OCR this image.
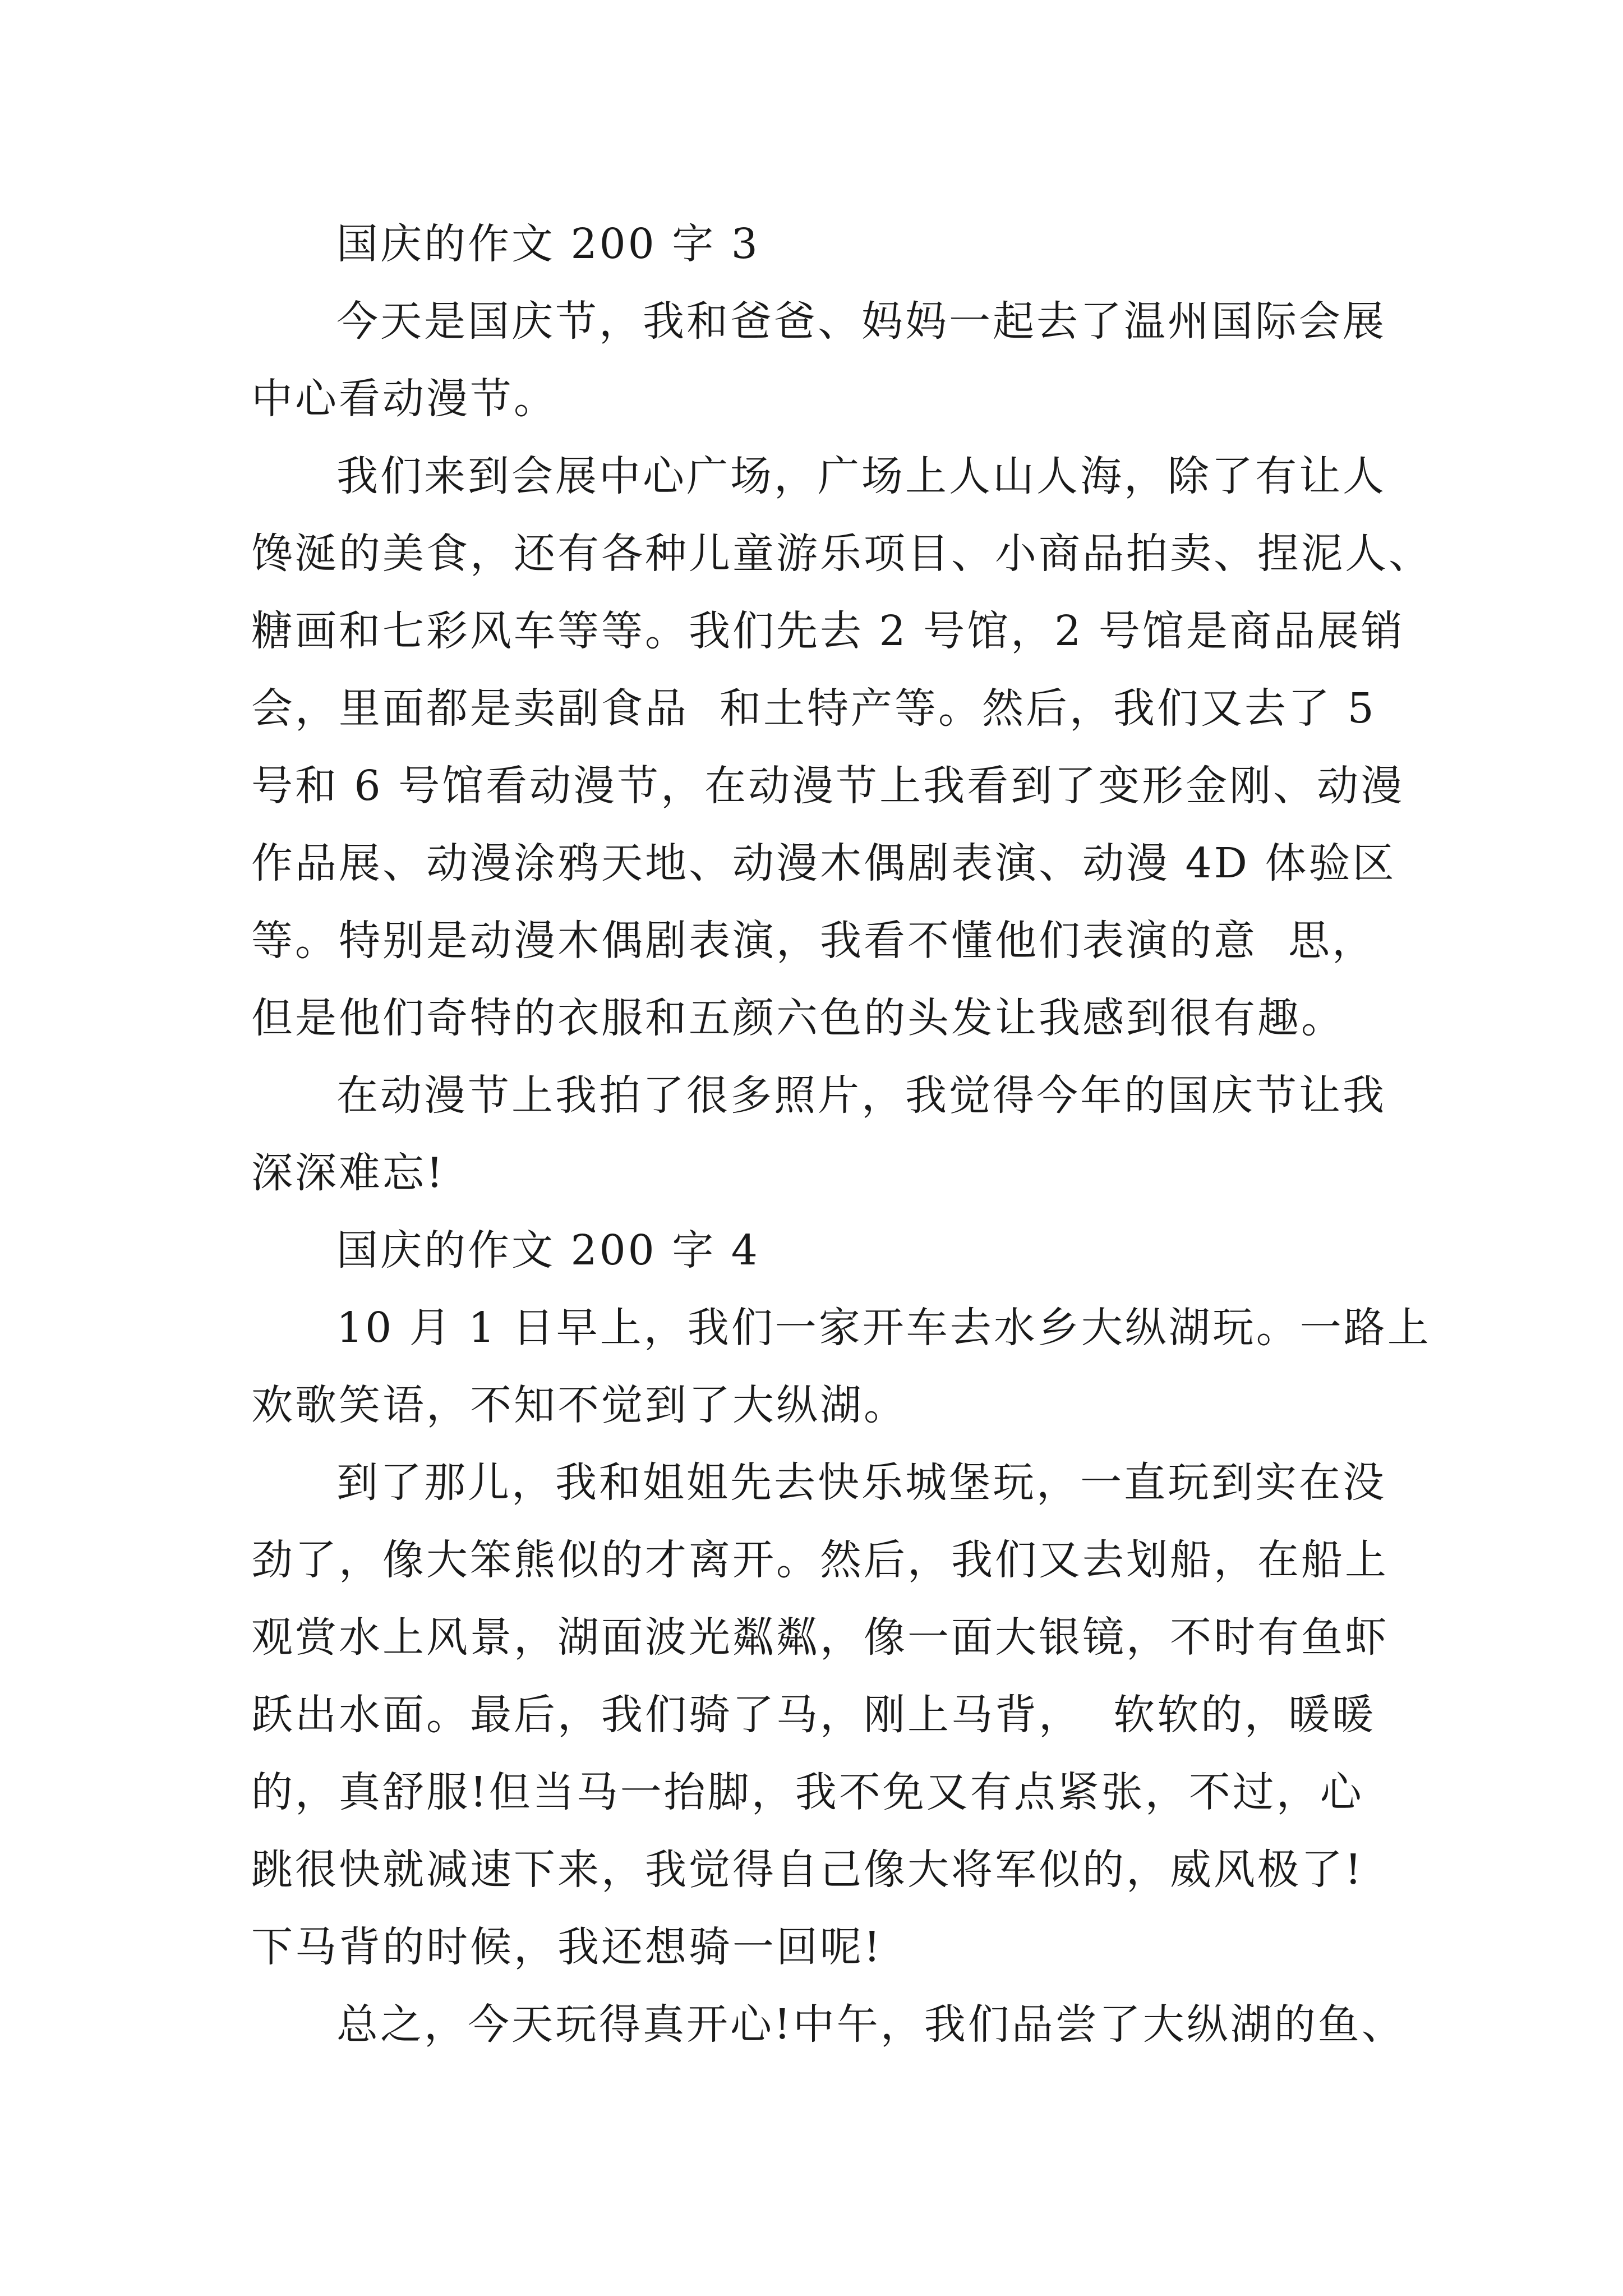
国庆的作文 200 字 3
今天是国庆节，我和爸爸、妈妈一起去了温州国际会展
中心看动漫节。
我们来到会展中心广场，广场上人山人海，除了有让人
馋涎的美食，还有各种儿童游乐项目、小商品拍卖、捏泥人、
糖画和七彩风车等等。我们先去 2 号馆，2 号馆是商品展销
会，里面都是卖副食品  和土特产等。然后，我们又去了 5
号和 6 号馆看动漫节，在动漫节上我看到了变形金刚、动漫
作品展、动漫涂鸦天地、动漫木偶剧表演、动漫 4D 体验区
等。特别是动漫木偶剧表演，我看不懂他们表演的意  思，
但是他们奇特的衣服和五颜六色的头发让我感到很有趣。
在动漫节上我拍了很多照片，我觉得今年的国庆节让我
深深难忘!
国庆的作文 200 字 4
10 月 1 日早上，我们一家开车去水乡大纵湖玩。一路上
欢歌笑语，不知不觉到了大纵湖。
到了那儿，我和姐姐先去快乐城堡玩，一直玩到实在没
劲了，像大笨熊似的才离开。然后，我们又去划船，在船上
观赏水上风景，湖面波光粼粼，像一面大银镜，不时有鱼虾
跃出水面。最后，我们骑了马，刚上马背，  软软的，暖暖
的，真舒服!但当马一抬脚，我不免又有点紧张，不过，心
跳很快就减速下来，我觉得自己像大将军似的，威风极了!
下马背的时候，我还想骑一回呢!
总之，今天玩得真开心!中午，我们品尝了大纵湖的鱼、
